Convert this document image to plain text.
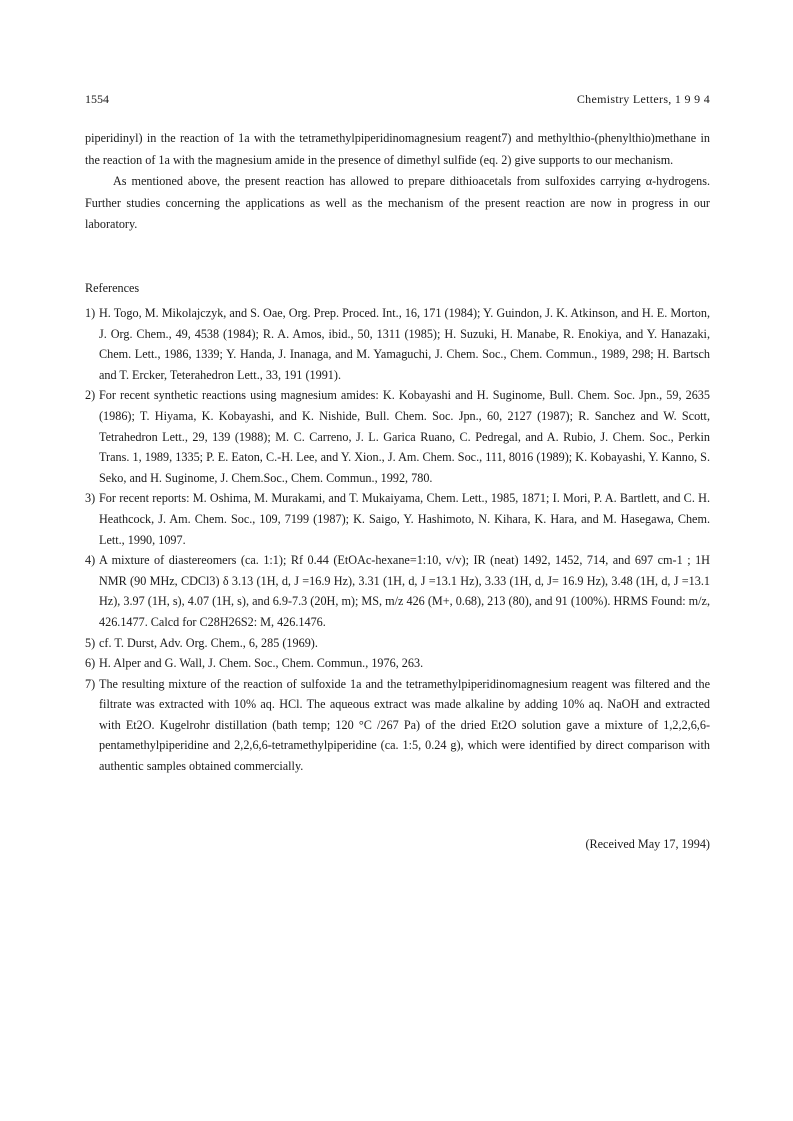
1554	Chemistry Letters, 1 9 9 4

piperidinyl) in the reaction of 1a with the tetramethylpiperidinomagnesium reagent7) and methylthio-(phenylthio)methane in the reaction of 1a with the magnesium amide in the presence of dimethyl sulfide (eq. 2) give supports to our mechanism.

As mentioned above, the present reaction has allowed to prepare dithioacetals from sulfoxides carrying α-hydrogens. Further studies concerning the applications as well as the mechanism of the present reaction are now in progress in our laboratory.

References
1) H. Togo, M. Mikolajczyk, and S. Oae, Org. Prep. Proced. Int., 16, 171 (1984); Y. Guindon, J. K. Atkinson, and H. E. Morton, J. Org. Chem., 49, 4538 (1984); R. A. Amos, ibid., 50, 1311 (1985); H. Suzuki, H. Manabe, R. Enokiya, and Y. Hanazaki, Chem. Lett., 1986, 1339; Y. Handa, J. Inanaga, and M. Yamaguchi, J. Chem. Soc., Chem. Commun., 1989, 298; H. Bartsch and T. Ercker, Teterahedron Lett., 33, 191 (1991).
2) For recent synthetic reactions using magnesium amides: K. Kobayashi and H. Suginome, Bull. Chem. Soc. Jpn., 59, 2635 (1986); T. Hiyama, K. Kobayashi, and K. Nishide, Bull. Chem. Soc. Jpn., 60, 2127 (1987); R. Sanchez and W. Scott, Tetrahedron Lett., 29, 139 (1988); M. C. Carreno, J. L. Garica Ruano, C. Pedregal, and A. Rubio, J. Chem. Soc., Perkin Trans. 1, 1989, 1335; P. E. Eaton, C.-H. Lee, and Y. Xion., J. Am. Chem. Soc., 111, 8016 (1989); K. Kobayashi, Y. Kanno, S. Seko, and H. Suginome, J. Chem.Soc., Chem. Commun., 1992, 780.
3) For recent reports: M. Oshima, M. Murakami, and T. Mukaiyama, Chem. Lett., 1985, 1871; I. Mori, P. A. Bartlett, and C. H. Heathcock, J. Am. Chem. Soc., 109, 7199 (1987); K. Saigo, Y. Hashimoto, N. Kihara, K. Hara, and M. Hasegawa, Chem. Lett., 1990, 1097.
4) A mixture of diastereomers (ca. 1:1); Rf 0.44 (EtOAc-hexane=1:10, v/v); IR (neat) 1492, 1452, 714, and 697 cm-1 ; 1H NMR (90 MHz, CDCl3) δ 3.13 (1H, d, J =16.9 Hz), 3.31 (1H, d, J =13.1 Hz), 3.33 (1H, d, J= 16.9 Hz), 3.48 (1H, d, J =13.1 Hz), 3.97 (1H, s), 4.07 (1H, s), and 6.9-7.3 (20H, m); MS, m/z 426 (M+, 0.68), 213 (80), and 91 (100%). HRMS Found: m/z, 426.1477. Calcd for C28H26S2: M, 426.1476.
5) cf. T. Durst, Adv. Org. Chem., 6, 285 (1969).
6) H. Alper and G. Wall, J. Chem. Soc., Chem. Commun., 1976, 263.
7) The resulting mixture of the reaction of sulfoxide 1a and the tetramethylpiperidinomagnesium reagent was filtered and the filtrate was extracted with 10% aq. HCl. The aqueous extract was made alkaline by adding 10% aq. NaOH and extracted with Et2O. Kugelrohr distillation (bath temp; 120 °C /267 Pa) of the dried Et2O solution gave a mixture of 1,2,2,6,6-pentamethylpiperidine and 2,2,6,6-tetramethylpiperidine (ca. 1:5, 0.24 g), which were identified by direct comparison with authentic samples obtained commercially.
(Received May 17, 1994)
